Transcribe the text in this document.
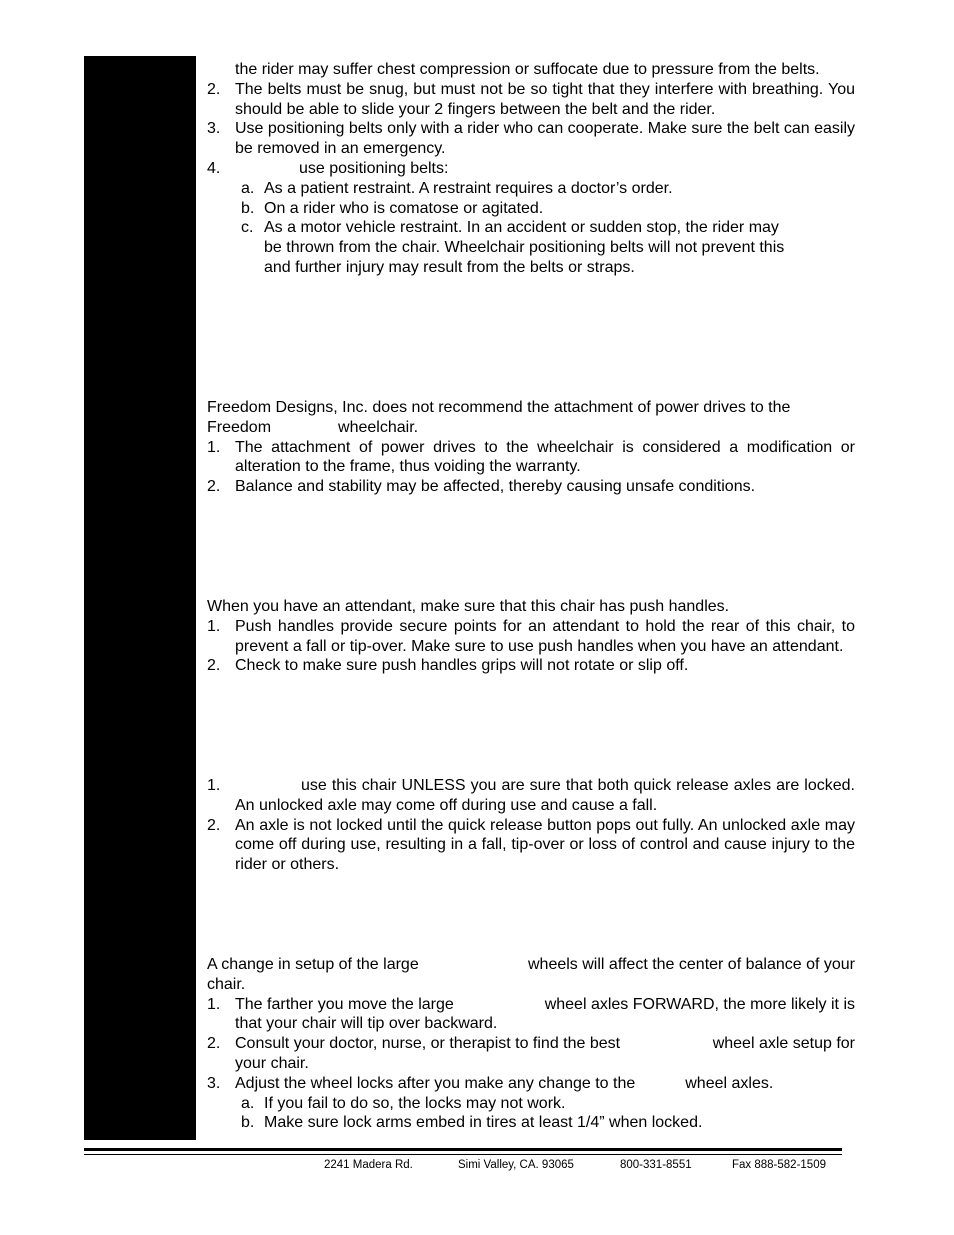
the rider may suffer chest compression or suffocate due to pressure from the belts.
2. The belts must be snug, but must not be so tight that they interfere with breathing. You should be able to slide your 2 fingers between the belt and the rider.
3. Use positioning belts only with a rider who can cooperate. Make sure the belt can easily be removed in an emergency.
4.	use positioning belts:
a. As a patient restraint. A restraint requires a doctor’s order.
b. On a rider who is comatose or agitated.
c. As a motor vehicle restraint. In an accident or sudden stop, the rider may be thrown from the chair. Wheelchair positioning belts will not prevent this and further injury may result from the belts or straps.
Freedom Designs, Inc. does not recommend the attachment of power drives to the
Freedom	wheelchair.
1. The attachment of power drives to the wheelchair is considered a modification or alteration to the frame, thus voiding the warranty.
2. Balance and stability may be affected, thereby causing unsafe conditions.
When you have an attendant, make sure that this chair has push handles.
1. Push handles provide secure points for an attendant to hold the rear of this chair, to prevent a fall or tip-over. Make sure to use push handles when you have an attendant.
2. Check to make sure push handles grips will not rotate or slip off.
1.	use this chair UNLESS you are sure that both quick release axles are locked. An unlocked axle may come off during use and cause a fall.
2. An axle is not locked until the quick release button pops out fully. An unlocked axle may come off during use, resulting in a fall, tip-over or loss of control and cause injury to the rider or others.
A change in setup of the large	wheels will affect the center of balance of your
chair.
1. The farther you move the large	wheel axles FORWARD, the more likely it is
that your chair will tip over backward.
2. Consult your doctor, nurse, or therapist to find the best	wheel axle setup for
your chair.
3. Adjust the wheel locks after you make any change to the	wheel axles.
a. If you fail to do so, the locks may not work.
b. Make sure lock arms embed in tires at least 1/4” when locked.
2241 Madera Rd.	Simi Valley, CA. 93065	800-331-8551	Fax 888-582-1509
